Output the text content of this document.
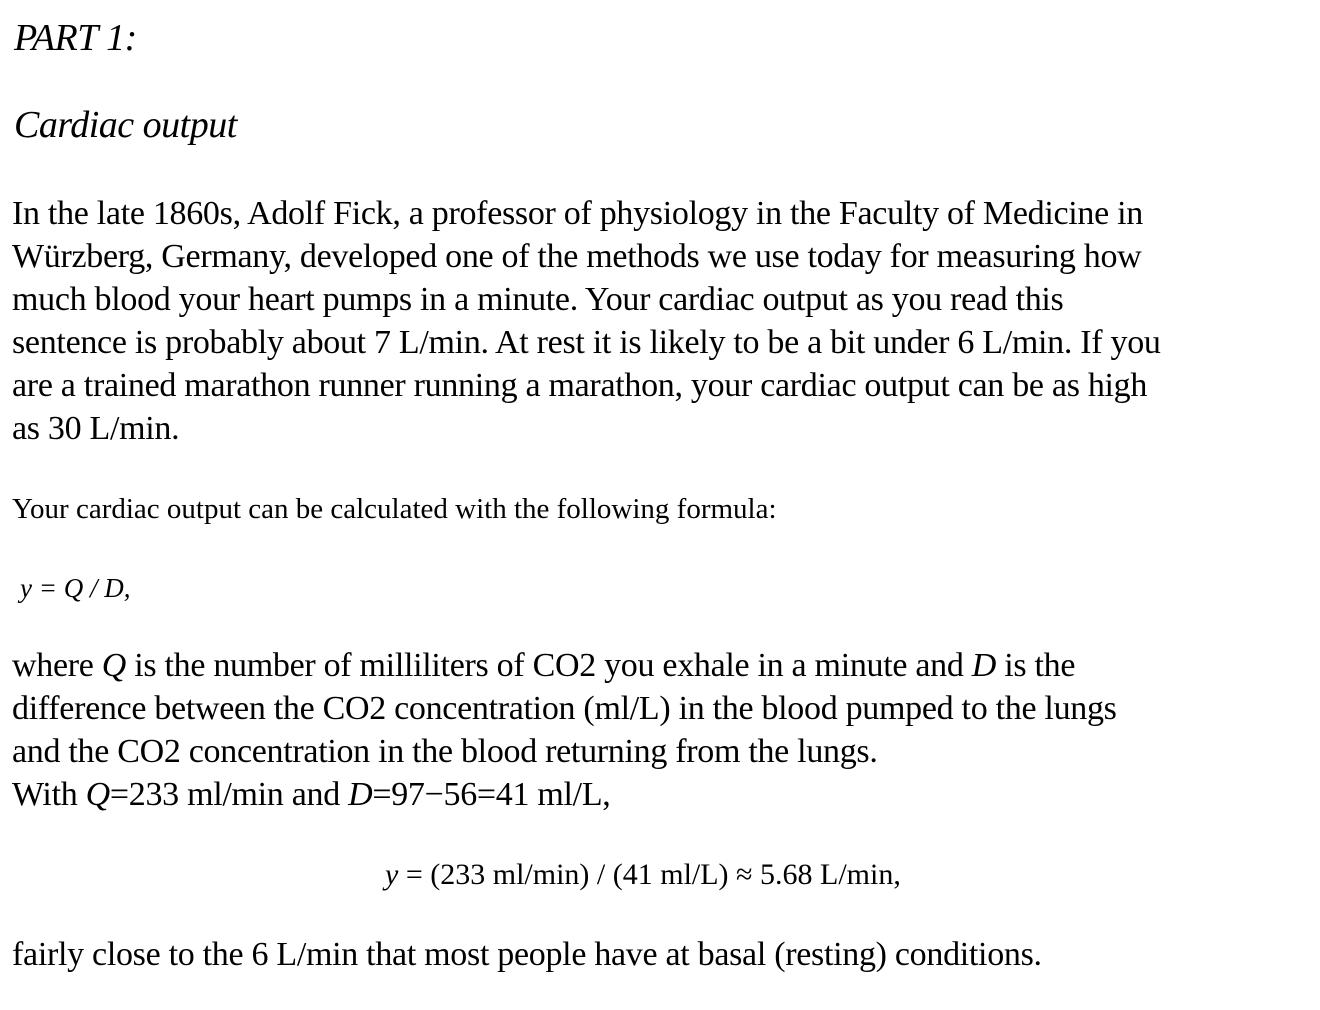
PART 1:
Cardiac output

In the late 1860s, Adolf Fick, a professor of physiology in the Faculty of Medicine in
Würzberg, Germany, developed one of the methods we use today for measuring how
much blood your heart pumps in a minute. Your cardiac output as you read this
sentence is probably about 7 L/min. At rest it is likely to be a bit under 6 L/min. If you
are a trained marathon runner running a marathon, your cardiac output can be as high
as 30 L/min.

Your cardiac output can be calculated with the following formula:

y = Q / D,

where Q is the number of milliliters of CO2 you exhale in a minute and D is the
difference between the CO2 concentration (ml/L) in the blood pumped to the lungs
and the CO2 concentration in the blood returning from the lungs.
With Q=233 ml/min and D=97−56=41 ml/L,

y = (233 ml/min) / (41 ml/L) ≈ 5.68 L/min,

fairly close to the 6 L/min that most people have at basal (resting) conditions.
